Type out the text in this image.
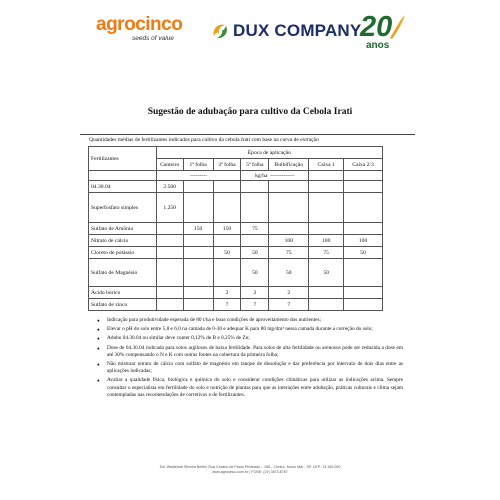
agrocinco
seeds of value	DUX COMPANY
20
anos
Sugestão de adubação para cultivo da Cebola Irati
Quantidades médias de fertilizantes indicados para cultivo da cebola Irati com base na curva de extração
Fertilizantes	Época de aplicação						
	Canteiro	1ª folha	3ª folha	5ª folha	Bulbificação	Caixa 1	Caixa 2/3
	---------			kg/ha -------------			
04.30.04	2.500						
Superfosfato simples	1.250						
Sulfato de Amônio		150	150	75			
Nitrato de cálcio					100	100	100
Cloreto de potássio			50	50	75	75	50
Sulfato de Magnésio				50	50	50	
Ácido bórico			2	2	2		
Sulfato de zinco			7	7	7		
● Indicação para produtividade esperada de 80 t/ha e boas condições de aproveitamento dos nutrientes;
● Elevar o pH do solo entre 5,8 e 6,0 na camada de 0-30 e adequar K para 80 mg/dm³ nessa camada durante a correção do solo;
● Adubo 04.30.04 ou similar deve conter 0,12% de B e 0,25% de Zn;
● Dose de 04.30.04 indicada para solos argilosos de baixa fertilidade. Para solos de alta fertilidade ou arenosos pode ser reduzida a dose em até 30% compensando o N e K com outras fontes na cobertura da primeira folha;
● Não misturar nitrato de cálcio com sulfato de magnésio em tanque de dissolução e dar preferência por intervalo de dois dias entre as aplicações indicadas;
● Avaliar a qualidade física, biológica e química do solo e considerar condições climáticas para utilizar as indicações acima. Sempre consultar o especialista em fertilidade do solo e nutrição de plantas para que as interações entre adubação, práticas culturais e clima sejam contempladas nas recomendações de corretivos e de fertilizantes.
Est. Waldemar Silveira Bellini, Rua Cesário de Paula Penteado – 185 – Centro, Morro Mar - SP, CEP: 13.190-000
www.agrocinco.com.br | FONE: (19) 3873-6787
